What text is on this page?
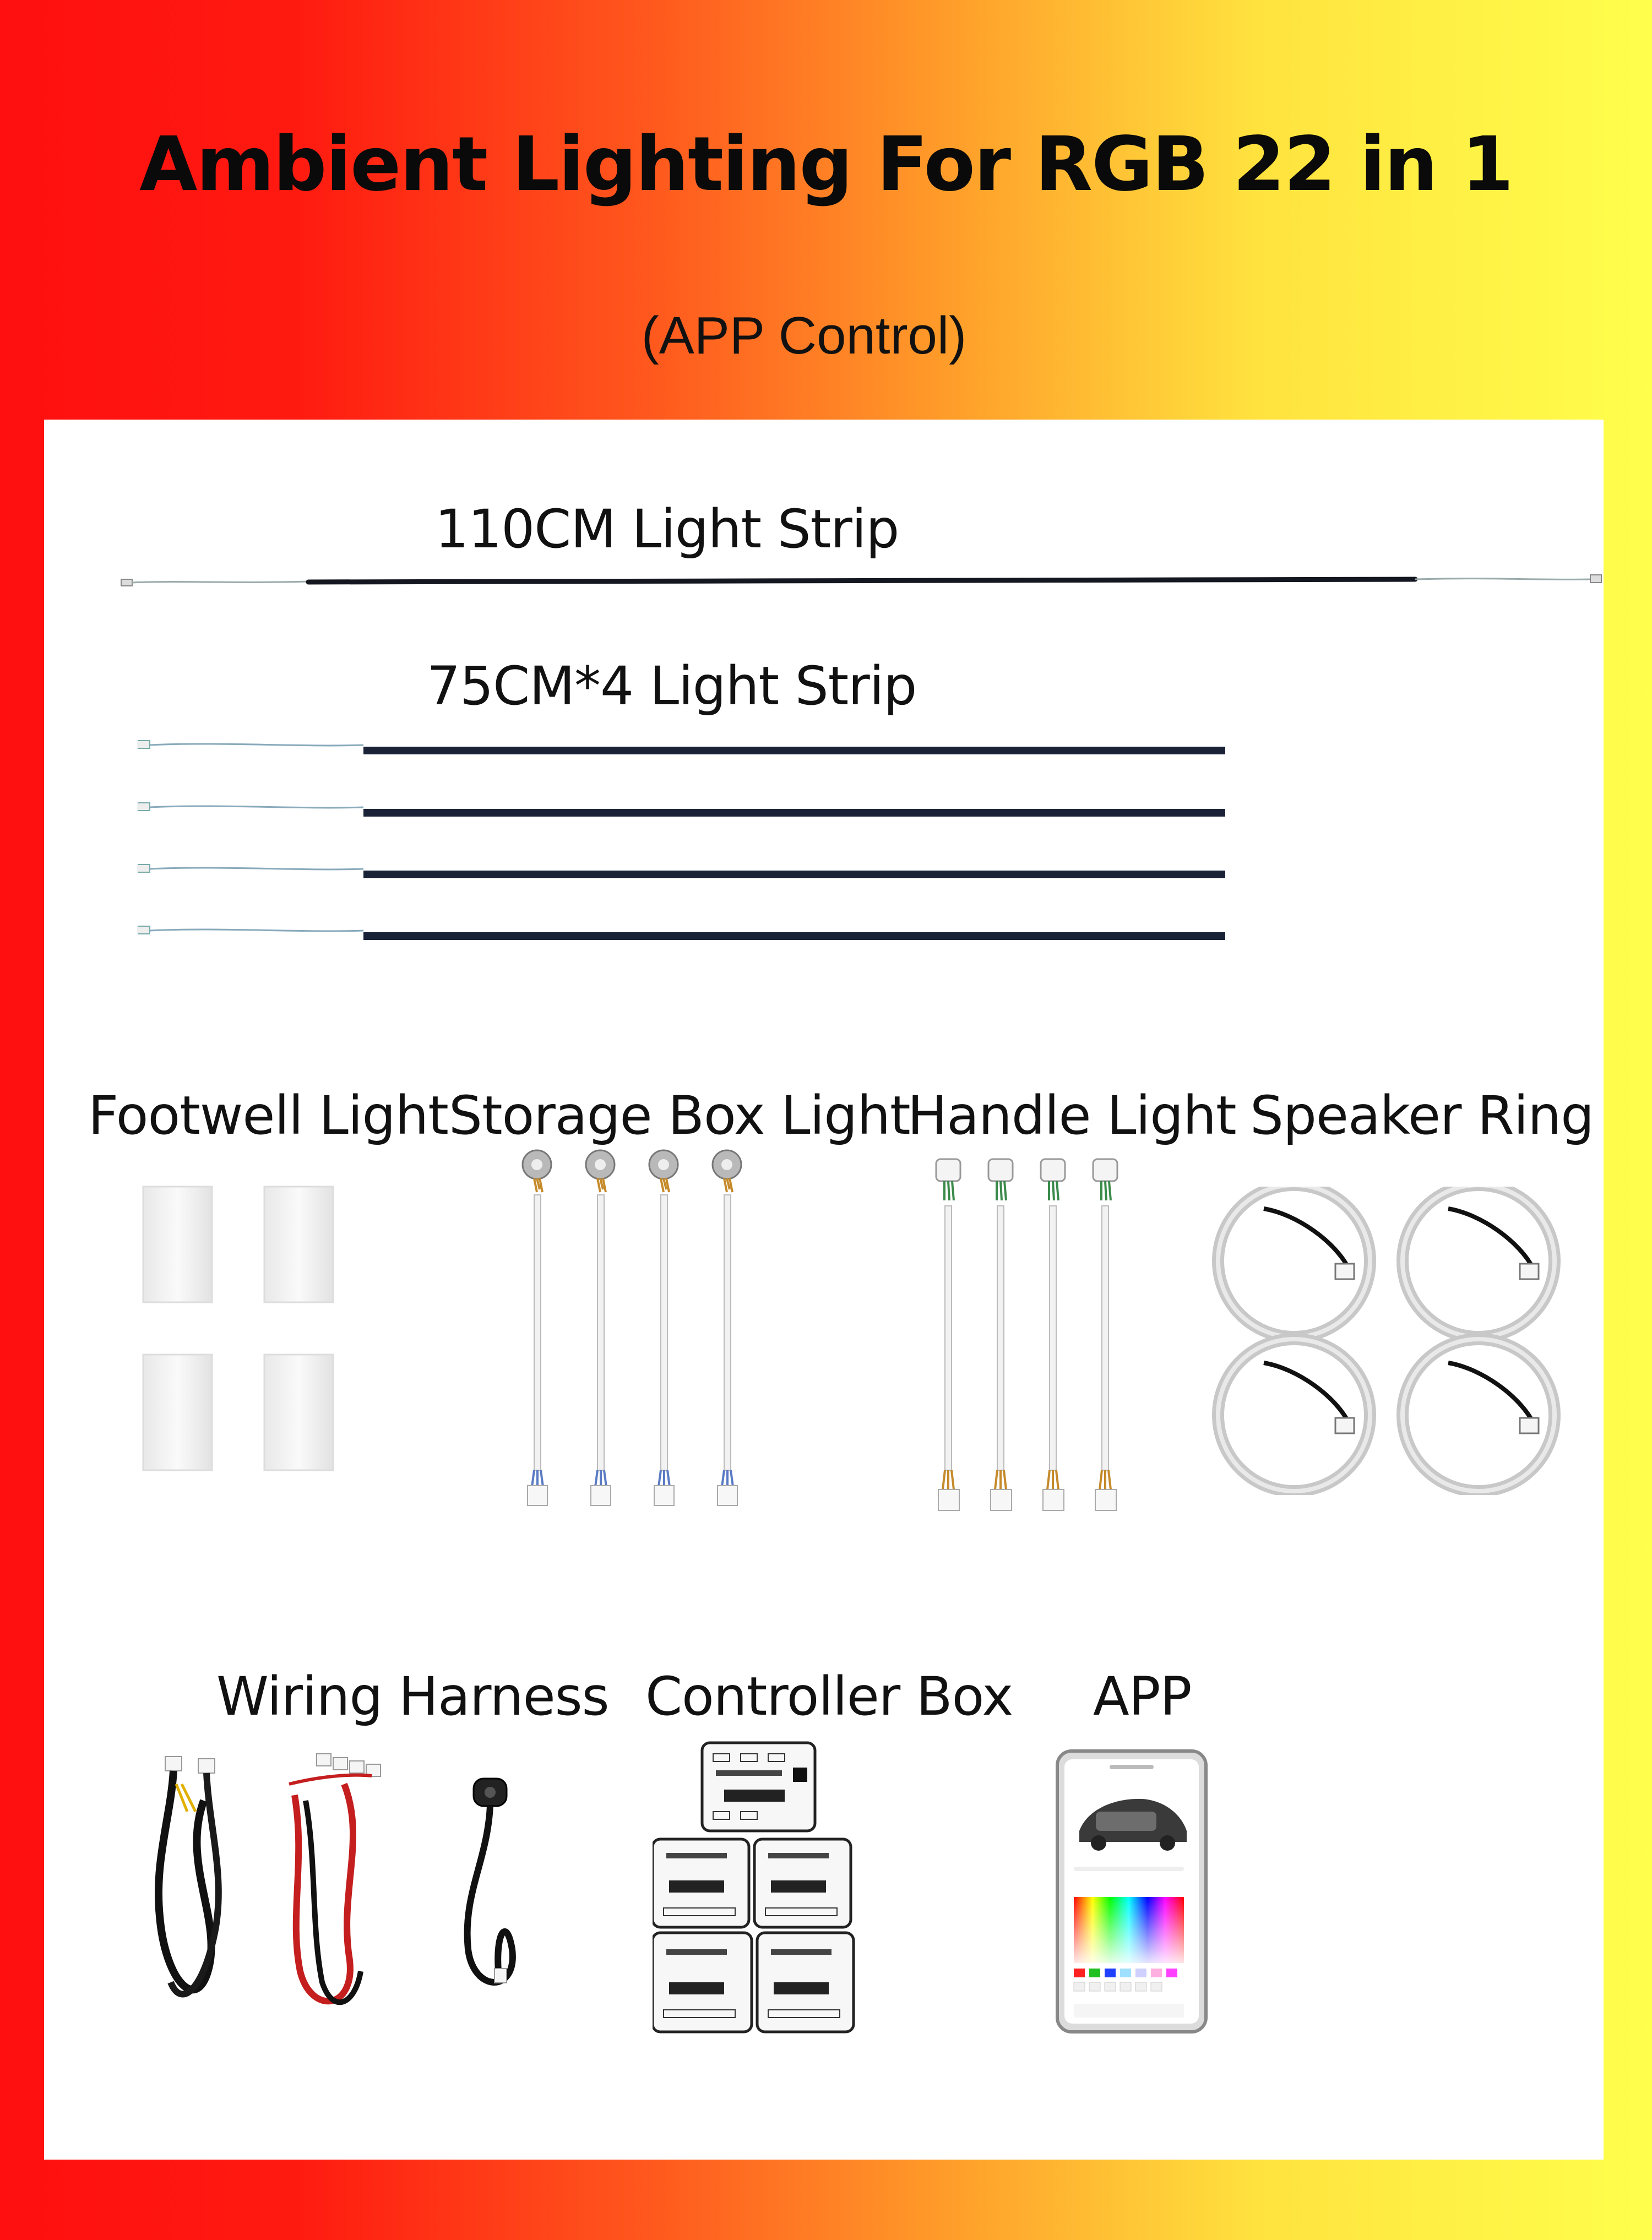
Ambient Lighting For RGB 22 in 1
(APP Control)
110CM Light Strip
75CM*4 Light Strip
Footwell Light Storage Box Light
Handle Light Speaker Ring
Wiring Harness Controller Box APP
